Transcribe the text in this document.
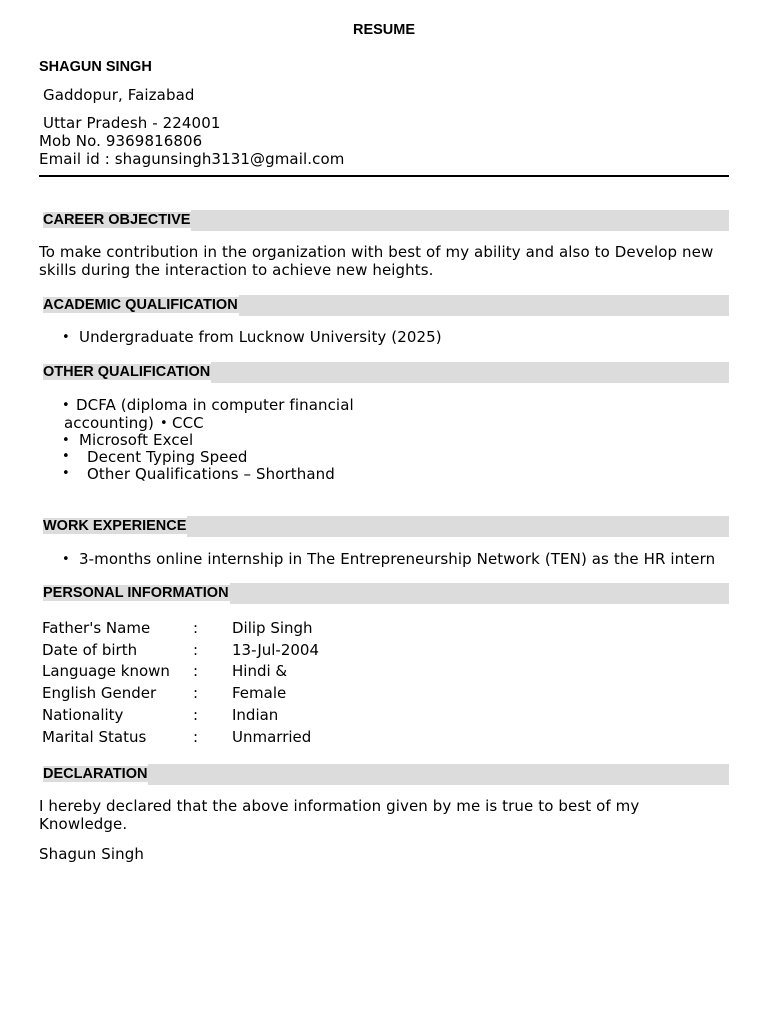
RESUME
SHAGUN SINGH
Gaddopur, Faizabad
Uttar Pradesh - 224001
Mob No. 9369816806
Email id : shagunsingh3131@gmail.com
CAREER OBJECTIVE
To make contribution in the organization with best of my ability and also to Develop new
skills during the interaction to achieve new heights.
ACADEMIC QUALIFICATION
• Undergraduate from Lucknow University (2025)
OTHER QUALIFICATION
• DCFA (diploma in computer financial
accounting) • CCC
• Microsoft Excel
• Decent Typing Speed
• Other Qualifications – Shorthand
WORK EXPERIENCE
• 3-months online internship in The Entrepreneurship Network (TEN) as the HR intern
PERSONAL INFORMATION
Father's Name	: Dilip Singh
Date of birth	: 13-Jul-2004
Language known : Hindi &
English Gender : Female
Nationality	: Indian
Marital Status	: Unmarried
DECLARATION
I hereby declared that the above information given by me is true to best of my
Knowledge.
Shagun Singh
